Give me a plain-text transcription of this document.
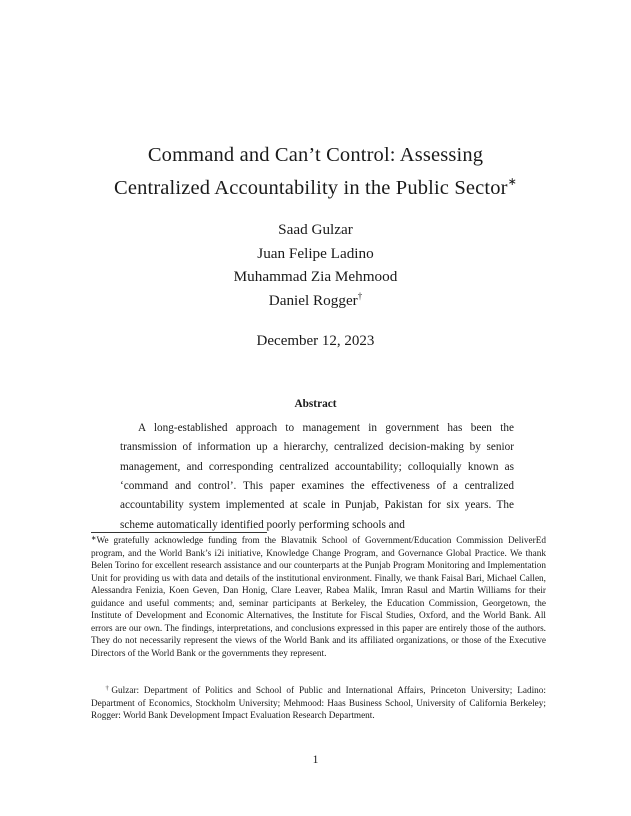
Command and Can’t Control: Assessing
Centralized Accountability in the Public Sector∗
Saad Gulzar
Juan Felipe Ladino
Muhammad Zia Mehmood
Daniel Rogger†
December 12, 2023
Abstract
A long-established approach to management in government has been the transmission of information up a hierarchy, centralized decision-making by senior management, and corresponding centralized accountability; colloquially known as ‘command and control’. This paper examines the effectiveness of a centralized accountability system implemented at scale in Punjab, Pakistan for six years. The scheme automatically identified poorly performing schools and
∗We gratefully acknowledge funding from the Blavatnik School of Government/Education Commission DeliverEd program, and the World Bank’s i2i initiative, Knowledge Change Program, and Governance Global Practice. We thank Belen Torino for excellent research assistance and our counterparts at the Punjab Program Monitoring and Implementation Unit for providing us with data and details of the institutional environment. Finally, we thank Faisal Bari, Michael Callen, Alessandra Fenizia, Koen Geven, Dan Honig, Clare Leaver, Rabea Malik, Imran Rasul and Martin Williams for their guidance and useful comments; and, seminar participants at Berkeley, the Education Commission, Georgetown, the Institute of Development and Economic Alternatives, the Institute for Fiscal Studies, Oxford, and the World Bank. All errors are our own. The findings, interpretations, and conclusions expressed in this paper are entirely those of the authors. They do not necessarily represent the views of the World Bank and its affiliated organizations, or those of the Executive Directors of the World Bank or the governments they represent.
†Gulzar: Department of Politics and School of Public and International Affairs, Princeton University; Ladino: Department of Economics, Stockholm University; Mehmood: Haas Business School, University of California Berkeley; Rogger: World Bank Development Impact Evaluation Research Department.
1
